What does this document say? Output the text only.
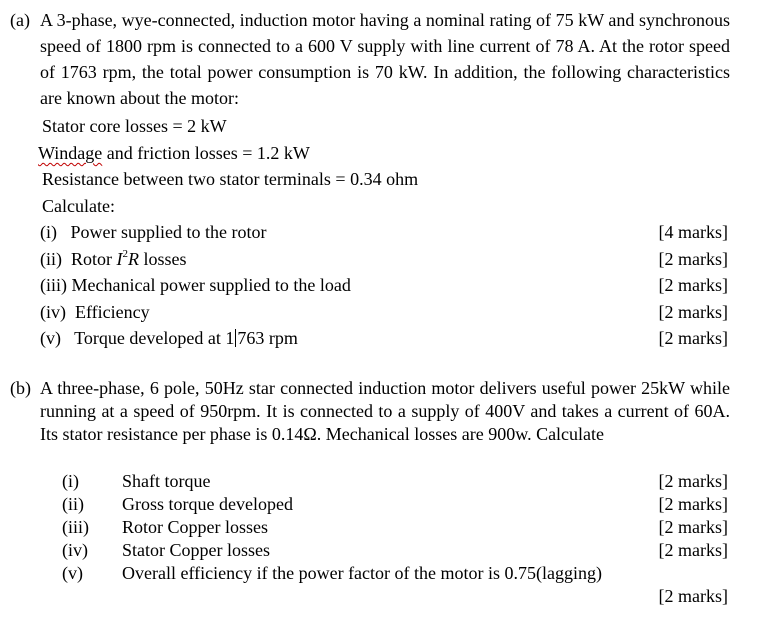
(a) A 3-phase, wye-connected, induction motor having a nominal rating of 75 kW and synchronous speed of 1800 rpm is connected to a 600 V supply with line current of 78 A. At the rotor speed of 1763 rpm, the total power consumption is 70 kW. In addition, the following characteristics are known about the motor:
Stator core losses = 2 kW
Windage and friction losses = 1.2 kW
Resistance between two stator terminals = 0.34 ohm
Calculate:
(i)   Power supplied to the rotor	[4 marks]
(ii)  Rotor $I^2R$ losses	[2 marks]
(iii) Mechanical power supplied to the load	[2 marks]
(iv)  Efficiency	[2 marks]
(v)   Torque developed at 1 763 rpm	[2 marks]
(b) A three-phase, 6 pole, 50Hz star connected induction motor delivers useful power 25kW while running at a speed of 950rpm. It is connected to a supply of 400V and takes a current of 60A. Its stator resistance per phase is 0.14Ω. Mechanical losses are 900w. Calculate
(i) Shaft torque	[2 marks]
(ii) Gross torque developed	[2 marks]
(iii) Rotor Copper losses	[2 marks]
(iv) Stator Copper losses	[2 marks]
(v) Overall efficiency if the power factor of the motor is 0.75(lagging)
[2 marks]
